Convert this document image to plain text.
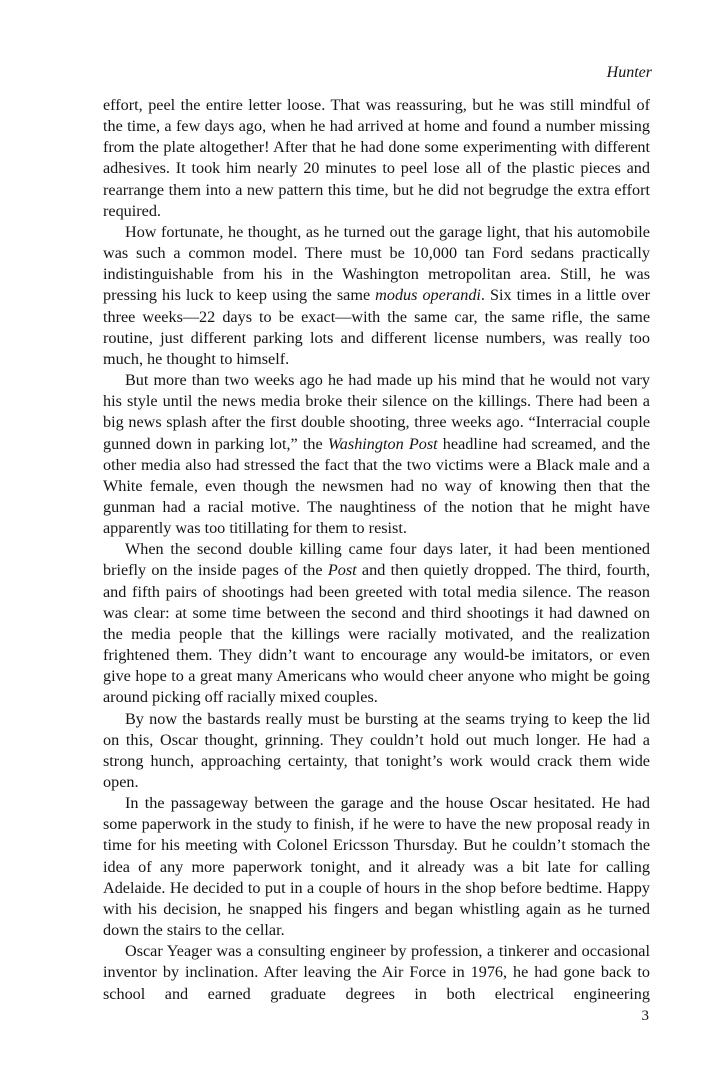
Hunter

effort, peel the entire letter loose. That was reassuring, but he was still mindful of the time, a few days ago, when he had arrived at home and found a number missing from the plate altogether! After that he had done some experimenting with different adhesives. It took him nearly 20 minutes to peel lose all of the plastic pieces and rearrange them into a new pattern this time, but he did not begrudge the extra effort required.

How fortunate, he thought, as he turned out the garage light, that his automobile was such a common model. There must be 10,000 tan Ford sedans practically indistinguishable from his in the Washington metropolitan area. Still, he was pressing his luck to keep using the same modus operandi. Six times in a little over three weeks—22 days to be exact—with the same car, the same rifle, the same routine, just different parking lots and different license numbers, was really too much, he thought to himself.

But more than two weeks ago he had made up his mind that he would not vary his style until the news media broke their silence on the killings. There had been a big news splash after the first double shooting, three weeks ago. “Interracial couple gunned down in parking lot,” the Washington Post headline had screamed, and the other media also had stressed the fact that the two victims were a Black male and a White female, even though the newsmen had no way of knowing then that the gunman had a racial motive. The naughtiness of the notion that he might have apparently was too titillating for them to resist.

When the second double killing came four days later, it had been mentioned briefly on the inside pages of the Post and then quietly dropped. The third, fourth, and fifth pairs of shootings had been greeted with total media silence. The reason was clear: at some time between the second and third shootings it had dawned on the media people that the killings were racially motivated, and the realization frightened them. They didn’t want to encourage any would-be imitators, or even give hope to a great many Americans who would cheer anyone who might be going around picking off racially mixed couples.

By now the bastards really must be bursting at the seams trying to keep the lid on this, Oscar thought, grinning. They couldn’t hold out much longer. He had a strong hunch, approaching certainty, that tonight’s work would crack them wide open.

In the passageway between the garage and the house Oscar hesitated. He had some paperwork in the study to finish, if he were to have the new proposal ready in time for his meeting with Colonel Ericsson Thursday. But he couldn’t stomach the idea of any more paperwork tonight, and it already was a bit late for calling Adelaide. He decided to put in a couple of hours in the shop before bedtime. Happy with his decision, he snapped his fingers and began whistling again as he turned down the stairs to the cellar.

Oscar Yeager was a consulting engineer by profession, a tinkerer and occasional inventor by inclination. After leaving the Air Force in 1976, he had gone back to school and earned graduate degrees in both electrical engineering

3
